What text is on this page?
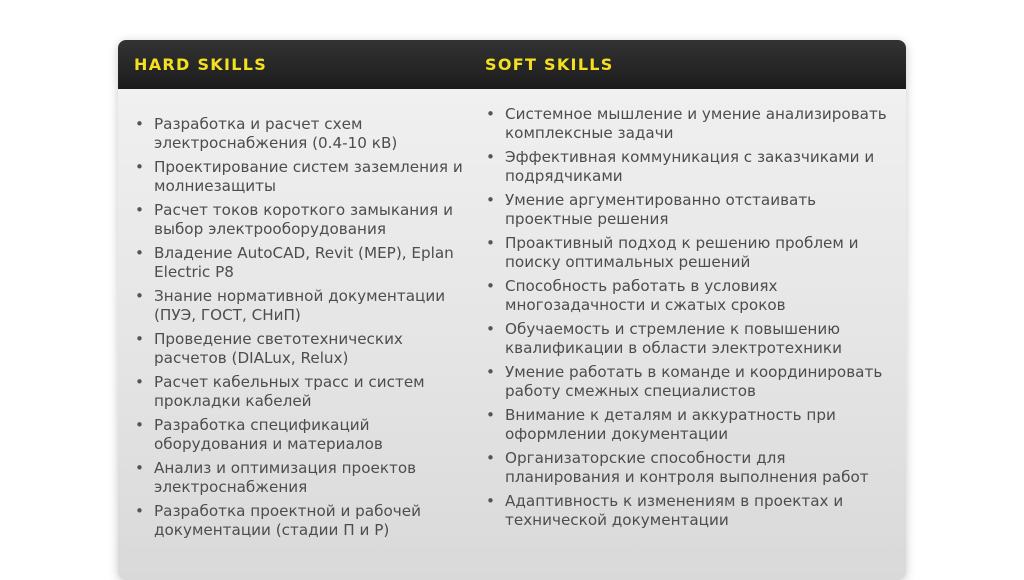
HARD SKILLS	SOFT SKILLS
• Разработка и расчет схем электроснабжения (0.4-10 кВ)
• Проектирование систем заземления и молниезащиты
• Расчет токов короткого замыкания и выбор электрооборудования
• Владение AutoCAD, Revit (MEP), Eplan Electric P8
• Знание нормативной документации (ПУЭ, ГОСТ, СНиП)
• Проведение светотехнических расчетов (DIALux, Relux)
• Расчет кабельных трасс и систем прокладки кабелей
• Разработка спецификаций оборудования и материалов
• Анализ и оптимизация проектов электроснабжения
• Разработка проектной и рабочей документации (стадии П и Р)
• Системное мышление и умение анализировать комплексные задачи
• Эффективная коммуникация с заказчиками и подрядчиками
• Умение аргументированно отстаивать проектные решения
• Проактивный подход к решению проблем и поиску оптимальных решений
• Способность работать в условиях многозадачности и сжатых сроков
• Обучаемость и стремление к повышению квалификации в области электротехники
• Умение работать в команде и координировать работу смежных специалистов
• Внимание к деталям и аккуратность при оформлении документации
• Организаторские способности для планирования и контроля выполнения работ
• Адаптивность к изменениям в проектах и технической документации
